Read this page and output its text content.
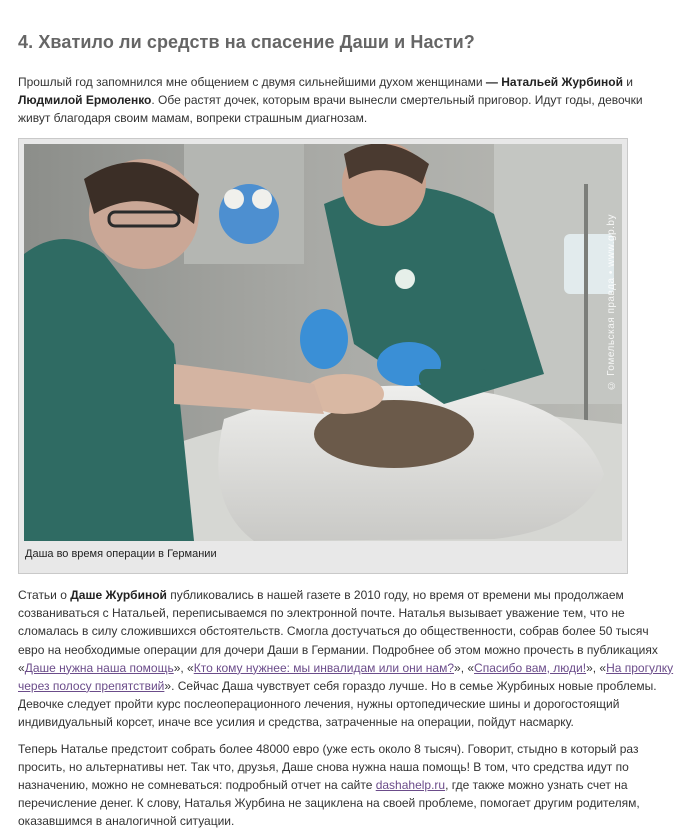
4. Хватило ли средств на спасение Даши и Насти?

Прошлый год запомнился мне общением с двумя сильнейшими духом женщинами — Натальей Журбиной и Людмилой Ермоленко. Обе растят дочек, которым врачи вынесли смертельный приговор. Идут годы, девочки живут благодаря своим мамам, вопреки страшным диагнозам.

© Гомельская правда • www.gp.by
Даша во время операции в Германии

Статьи о Даше Журбиной публиковались в нашей газете в 2010 году, но время от времени мы продолжаем созваниваться с Натальей, переписываемся по электронной почте. Наталья вызывает уважение тем, что не сломалась в силу сложившихся обстоятельств. Смогла достучаться до общественности, собрав более 50 тысяч евро на необходимые операции для дочери Даши в Германии. Подробнее об этом можно прочесть в публикациях «Даше нужна наша помощь», «Кто кому нужнее: мы инвалидам или они нам?», «Спасибо вам, люди!», «На прогулку через полосу препятствий». Сейчас Даша чувствует себя гораздо лучше. Но в семье Журбиных новые проблемы. Девочке следует пройти курс послеоперационного лечения, нужны ортопедические шины и дорогостоящий индивидуальный корсет, иначе все усилия и средства, затраченные на операции, пойдут насмарку.

Теперь Наталье предстоит собрать более 48000 евро (уже есть около 8 тысяч). Говорит, стыдно в который раз просить, но альтернативы нет. Так что, друзья, Даше снова нужна наша помощь! В том, что средства идут по назначению, можно не сомневаться: подробный отчет на сайте dashahelp.ru, где также можно узнать счет на перечисление денег. К слову, Наталья Журбина не зациклена на своей проблеме, помогает другим родителям, оказавшимся в аналогичной ситуации.
